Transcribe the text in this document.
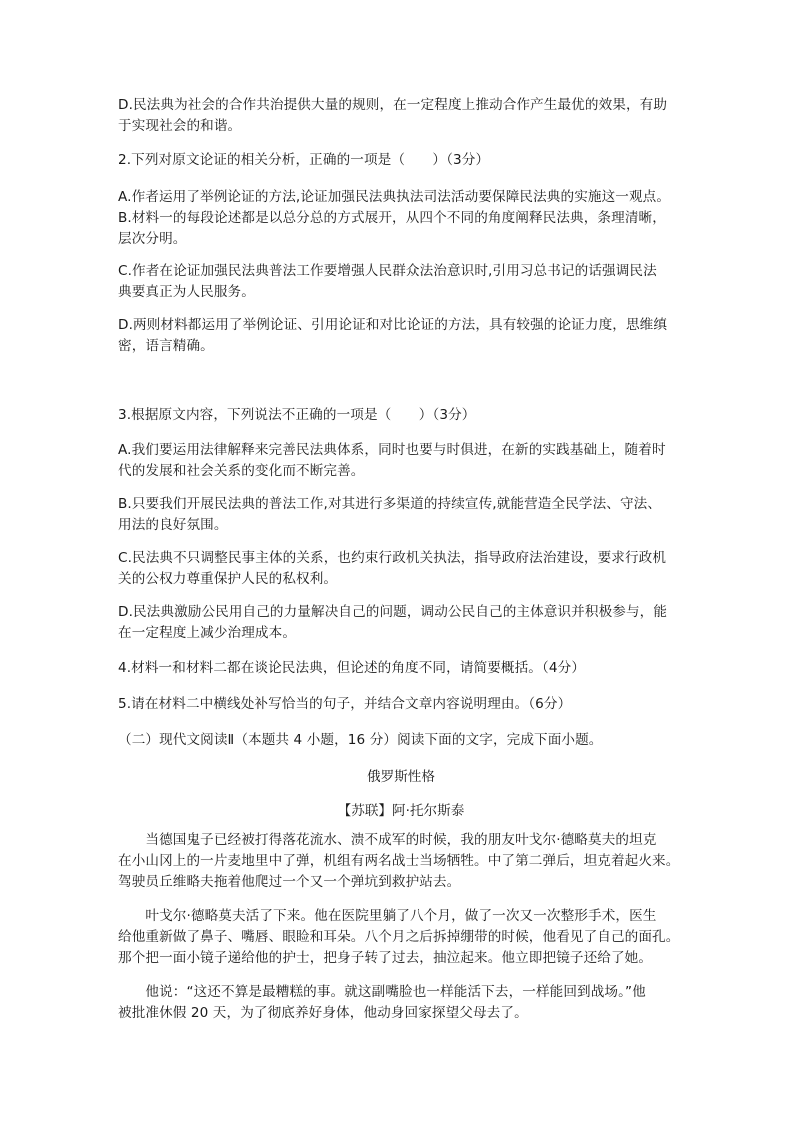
D.民法典为社会的合作共治提供大量的规则，在一定程度上推动合作产生最优的效果，有助
于实现社会的和谐。
2.下列对原文论证的相关分析，正确的一项是（　　）（3分）
A.作者运用了举例论证的方法,论证加强民法典执法司法活动要保障民法典的实施这一观点。
B.材料一的每段论述都是以总分总的方式展开，从四个不同的角度阐释民法典，条理清晰，
层次分明。
C.作者在论证加强民法典普法工作要增强人民群众法治意识时,引用习总书记的话强调民法
典要真正为人民服务。
D.两则材料都运用了举例论证、引用论证和对比论证的方法，具有较强的论证力度，思维缜
密，语言精确。
3.根据原文内容，下列说法不正确的一项是（　　）（3分）
A.我们要运用法律解释来完善民法典体系，同时也要与时俱进，在新的实践基础上，随着时
代的发展和社会关系的变化而不断完善。
B.只要我们开展民法典的普法工作,对其进行多渠道的持续宣传,就能营造全民学法、守法、
用法的良好氛围。
C.民法典不只调整民事主体的关系，也约束行政机关执法，指导政府法治建设，要求行政机
关的公权力尊重保护人民的私权利。
D.民法典激励公民用自己的力量解决自己的问题，调动公民自己的主体意识并积极参与，能
在一定程度上减少治理成本。
4.材料一和材料二都在谈论民法典，但论述的角度不同，请简要概括。（4分）
5.请在材料二中横线处补写恰当的句子，并结合文章内容说明理由。（6分）
（二）现代文阅读Ⅱ（本题共 4 小题，16 分）阅读下面的文字，完成下面小题。
俄罗斯性格
【苏联】阿·托尔斯泰
　　当德国鬼子已经被打得落花流水、溃不成军的时候，我的朋友叶戈尔·德略莫夫的坦克
在小山冈上的一片麦地里中了弹，机组有两名战士当场牺牲。中了第二弹后，坦克着起火来。
驾驶员丘维略夫拖着他爬过一个又一个弹坑到救护站去。
　　叶戈尔·德略莫夫活了下来。他在医院里躺了八个月，做了一次又一次整形手术，医生
给他重新做了鼻子、嘴唇、眼睑和耳朵。八个月之后拆掉绷带的时候，他看见了自己的面孔。
那个把一面小镜子递给他的护士，把身子转了过去，抽泣起来。他立即把镜子还给了她。
　　他说：“这还不算是最糟糕的事。就这副嘴脸也一样能活下去，一样能回到战场。”他
被批准休假 20 天，为了彻底养好身体，他动身回家探望父母去了。
